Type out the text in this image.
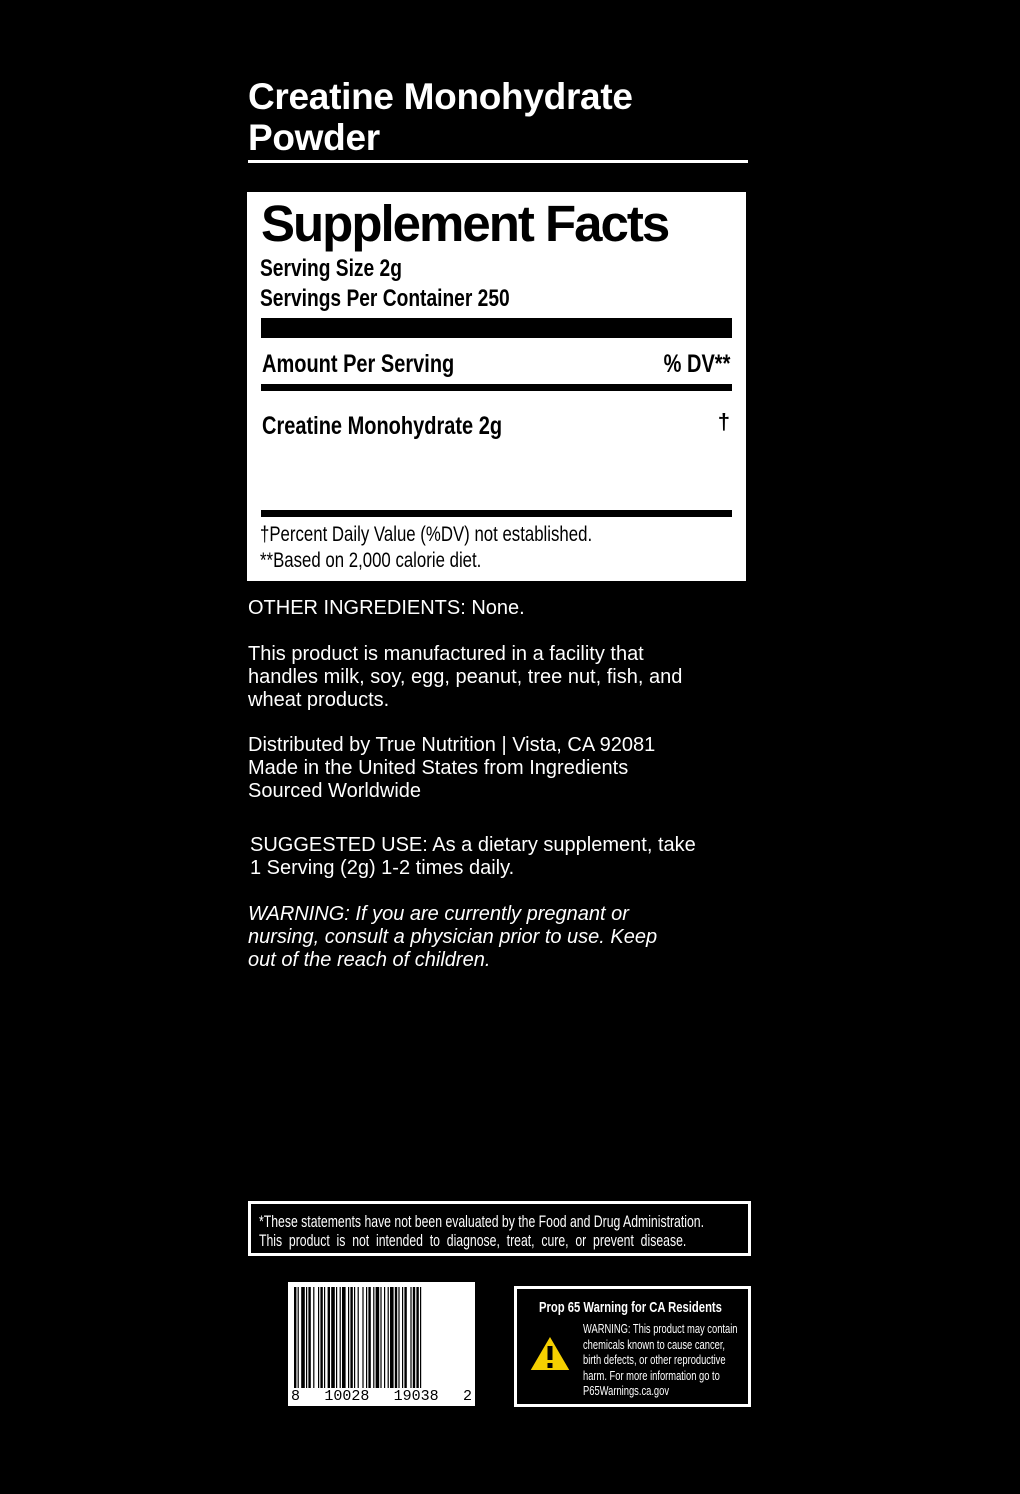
Creatine Monohydrate
Powder
Supplement Facts
Serving Size 2g
Servings Per Container 250
Amount Per Serving	% DV**
Creatine Monohydrate 2g	†
†Percent Daily Value (%DV) not established.
**Based on 2,000 calorie diet.
OTHER INGREDIENTS: None.
This product is manufactured in a facility that
handles milk, soy, egg, peanut, tree nut, fish, and
wheat products.
Distributed by True Nutrition | Vista, CA 92081
Made in the United States from Ingredients
Sourced Worldwide
SUGGESTED USE: As a dietary supplement, take
1 Serving (2g) 1-2 times daily.
WARNING: If you are currently pregnant or
nursing, consult a physician prior to use. Keep
out of the reach of children.
*These statements have not been evaluated by the Food and Drug Administration.
This  product  is  not  intended  to  diagnose,  treat,  cure,  or  prevent  disease.
8 10028 19038 2
Prop 65 Warning for CA Residents
WARNING: This product may contain
chemicals known to cause cancer,
birth defects, or other reproductive
harm. For more information go to
P65Warnings.ca.gov
